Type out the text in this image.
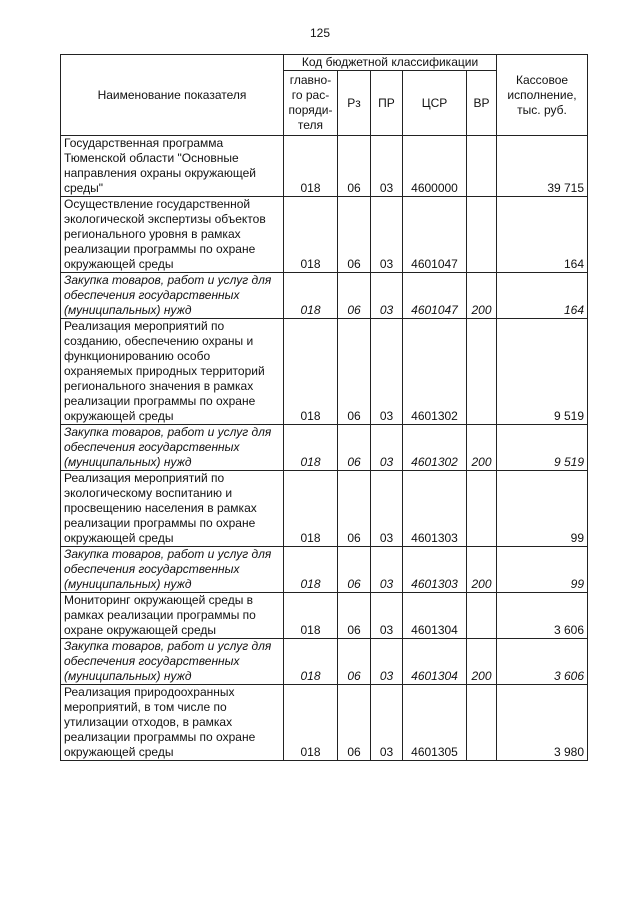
125
Наименование показателя	Код бюджетной классификации					Кассовое исполнение, тыс. руб.
	главно-го рас-поряди-теля	Рз	ПР	ЦСР	ВР	
Государственная программа Тюменской области "Основные направления охраны окружающей среды"	018	06	03	4600000		39 715
Осуществление государственной экологической экспертизы объектов регионального уровня в рамках реализации программы по охране окружающей среды	018	06	03	4601047		164
Закупка товаров, работ и услуг для обеспечения государственных (муниципальных) нужд	018	06	03	4601047	200	164
Реализация мероприятий по созданию, обеспечению охраны и функционированию особо охраняемых природных территорий регионального значения в рамках реализации программы по охране окружающей среды	018	06	03	4601302		9 519
Закупка товаров, работ и услуг для обеспечения государственных (муниципальных) нужд	018	06	03	4601302	200	9 519
Реализация мероприятий по экологическому воспитанию и просвещению населения в рамках реализации программы по охране окружающей среды	018	06	03	4601303		99
Закупка товаров, работ и услуг для обеспечения государственных (муниципальных) нужд	018	06	03	4601303	200	99
Мониторинг окружающей среды в рамках реализации программы по охране окружающей среды	018	06	03	4601304		3 606
Закупка товаров, работ и услуг для обеспечения государственных (муниципальных) нужд	018	06	03	4601304	200	3 606
Реализация природоохранных мероприятий, в том числе по утилизации отходов, в рамках реализации программы по охране окружающей среды	018	06	03	4601305		3 980
